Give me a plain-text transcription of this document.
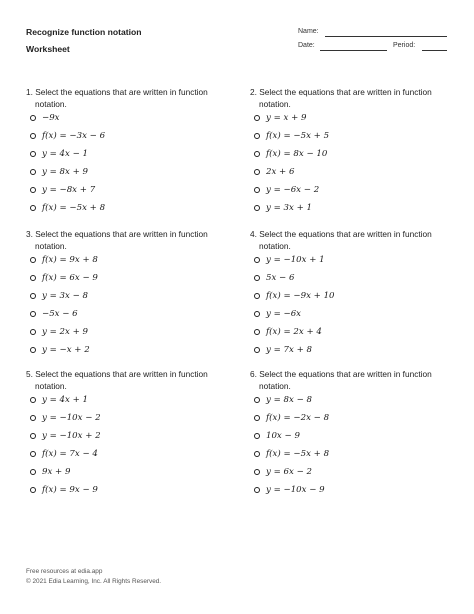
Recognize function notation
Worksheet
Name:
Date:	Period:
1. Select the equations that are written in function
notation.
−9x
f(x) = −3x − 6
y = 4x − 1
y = 8x + 9
y = −8x + 7
f(x) = −5x + 8
2. Select the equations that are written in function
notation.
y = x + 9
f(x) = −5x + 5
f(x) = 8x − 10
2x + 6
y = −6x − 2
y = 3x + 1
3. Select the equations that are written in function
notation.
f(x) = 9x + 8
f(x) = 6x − 9
y = 3x − 8
−5x − 6
y = 2x + 9
y = −x + 2
4. Select the equations that are written in function
notation.
y = −10x + 1
5x − 6
f(x) = −9x + 10
y = −6x
f(x) = 2x + 4
y = 7x + 8
5. Select the equations that are written in function
notation.
y = 4x + 1
y = −10x − 2
y = −10x + 2
f(x) = 7x − 4
9x + 9
f(x) = 9x − 9
6. Select the equations that are written in function
notation.
y = 8x − 8
f(x) = −2x − 8
10x − 9
f(x) = −5x + 8
y = 6x − 2
y = −10x − 9
Free resources at edia.app
© 2021 Edia Learning, Inc. All Rights Reserved.
